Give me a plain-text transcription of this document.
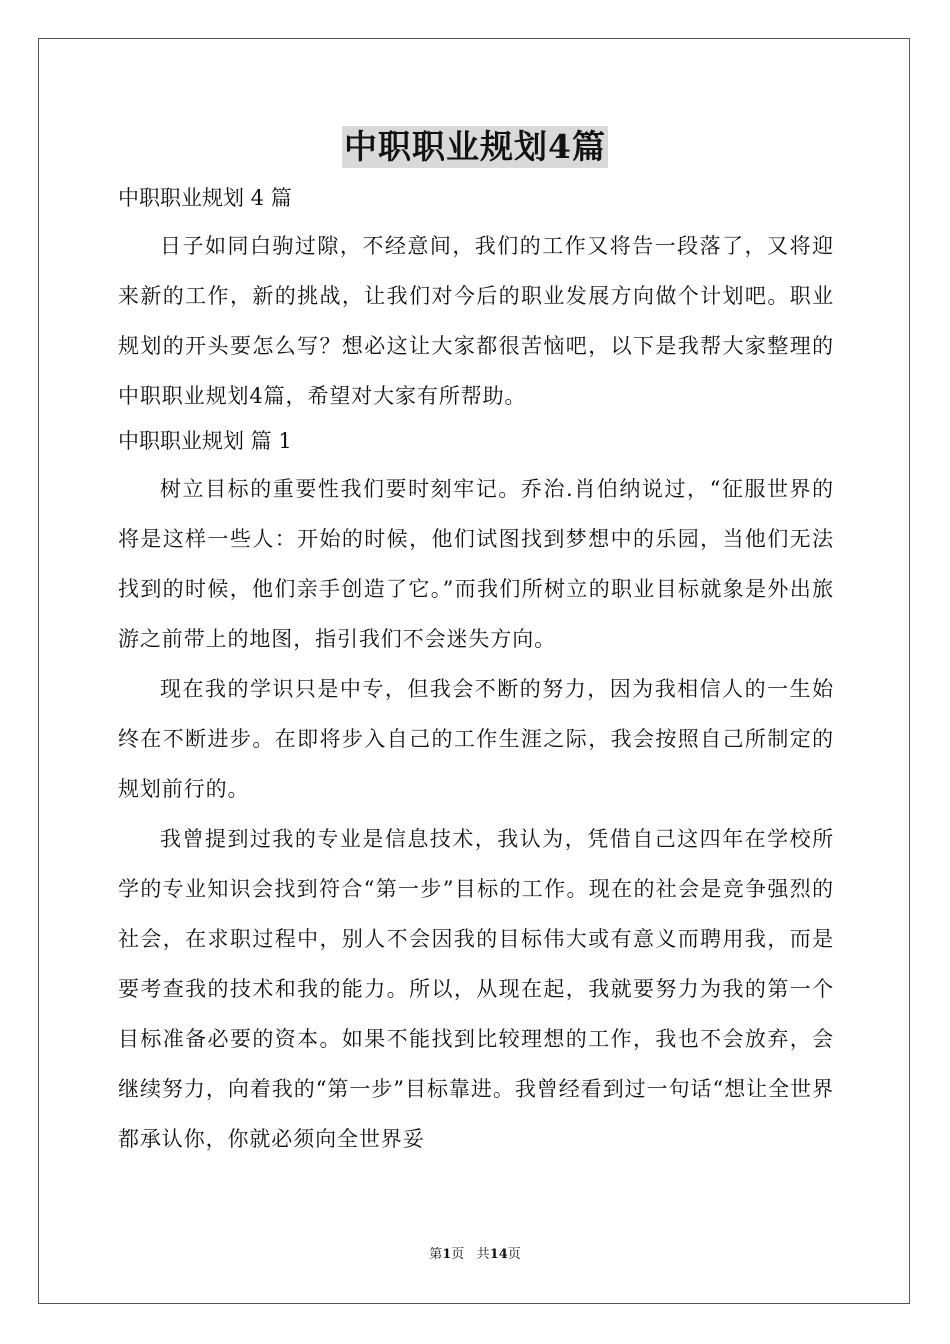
中职职业规划4篇

中职职业规划 4 篇

日子如同白驹过隙，不经意间，我们的工作又将告一段落了，又将迎来新的工作，新的挑战，让我们对今后的职业发展方向做个计划吧。职业规划的开头要怎么写？想必这让大家都很苦恼吧，以下是我帮大家整理的中职职业规划4篇，希望对大家有所帮助。

中职职业规划 篇 1

树立目标的重要性我们要时刻牢记。乔治.肖伯纳说过，“征服世界的将是这样一些人：开始的时候，他们试图找到梦想中的乐园，当他们无法找到的时候，他们亲手创造了它。”而我们所树立的职业目标就象是外出旅游之前带上的地图，指引我们不会迷失方向。

现在我的学识只是中专，但我会不断的努力，因为我相信人的一生始终在不断进步。在即将步入自己的工作生涯之际，我会按照自己所制定的规划前行的。

我曾提到过我的专业是信息技术，我认为，凭借自己这四年在学校所学的专业知识会找到符合“第一步”目标的工作。现在的社会是竞争强烈的社会，在求职过程中，别人不会因我的目标伟大或有意义而聘用我，而是要考查我的技术和我的能力。所以，从现在起，我就要努力为我的第一个目标准备必要的资本。如果不能找到比较理想的工作，我也不会放弃，会继续努力，向着我的“第一步”目标靠进。我曾经看到过一句话“想让全世界都承认你，你就必须向全世界妥

第1页 共14页
